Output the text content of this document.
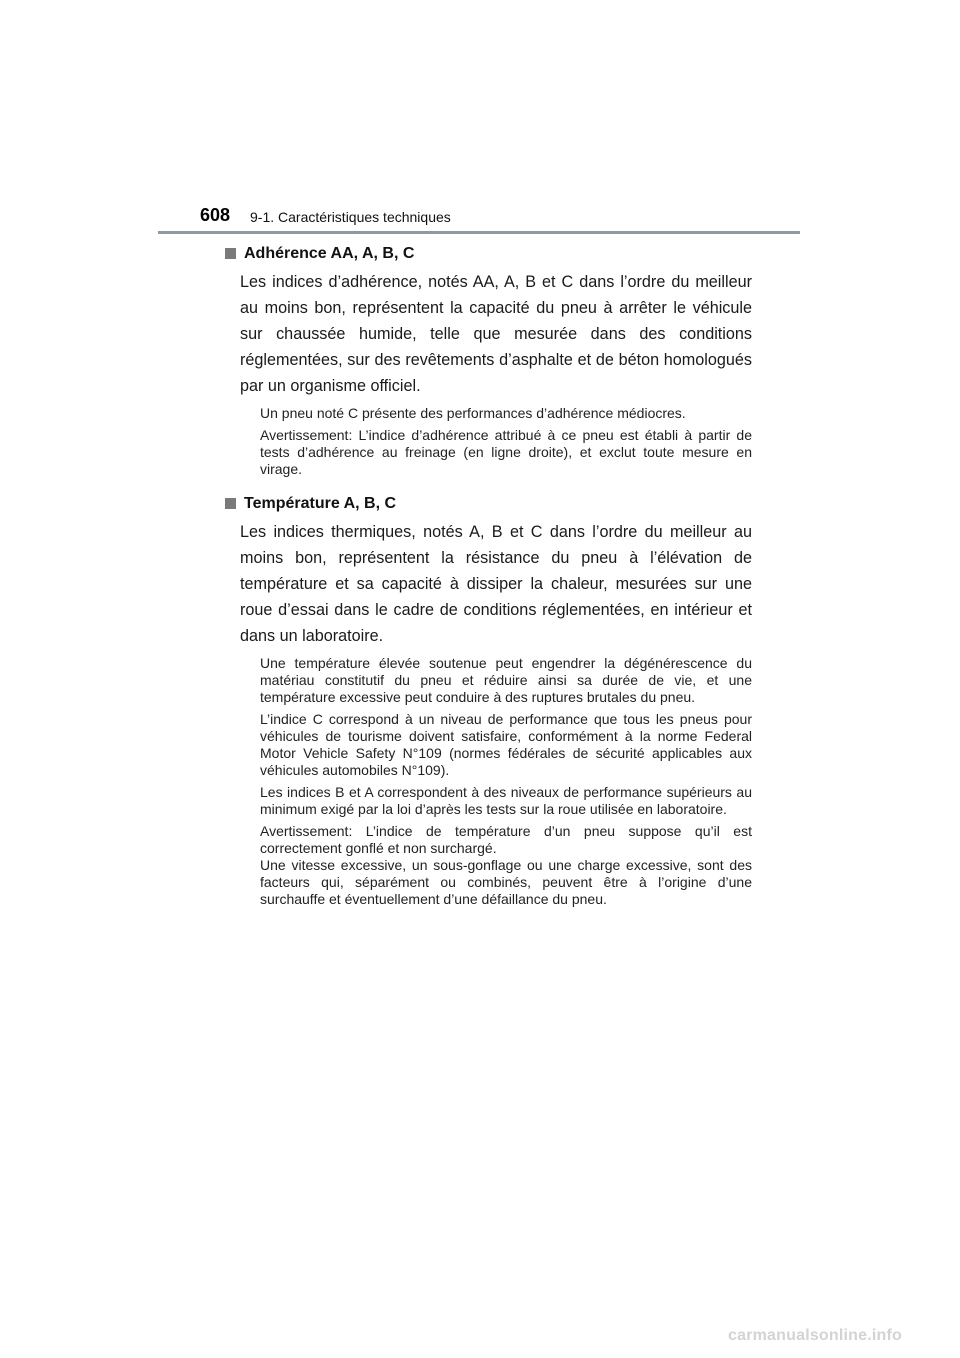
608 9-1. Caractéristiques techniques
Adhérence AA, A, B, C

Les indices d’adhérence, notés AA, A, B et C dans l’ordre du meilleur au moins bon, représentent la capacité du pneu à arrêter le véhicule sur chaussée humide, telle que mesurée dans des conditions réglementées, sur des revêtements d’asphalte et de béton homologués par un organisme officiel.

Un pneu noté C présente des performances d’adhérence médiocres.

Avertissement: L’indice d’adhérence attribué à ce pneu est établi à partir de tests d’adhérence au freinage (en ligne droite), et exclut toute mesure en virage.

Température A, B, C

Les indices thermiques, notés A, B et C dans l’ordre du meilleur au moins bon, représentent la résistance du pneu à l’élévation de température et sa capacité à dissiper la chaleur, mesurées sur une roue d’essai dans le cadre de conditions réglementées, en intérieur et dans un laboratoire.

Une température élevée soutenue peut engendrer la dégénérescence du matériau constitutif du pneu et réduire ainsi sa durée de vie, et une température excessive peut conduire à des ruptures brutales du pneu.

L’indice C correspond à un niveau de performance que tous les pneus pour véhicules de tourisme doivent satisfaire, conformément à la norme Federal Motor Vehicle Safety N°109 (normes fédérales de sécurité applicables aux véhicules automobiles N°109).

Les indices B et A correspondent à des niveaux de performance supérieurs au minimum exigé par la loi d’après les tests sur la roue utilisée en laboratoire.

Avertissement: L’indice de température d’un pneu suppose qu’il est correctement gonflé et non surchargé.
Une vitesse excessive, un sous-gonflage ou une charge excessive, sont des facteurs qui, séparément ou combinés, peuvent être à l’origine d’une surchauffe et éventuellement d’une défaillance du pneu.

carmanualsonline.info
